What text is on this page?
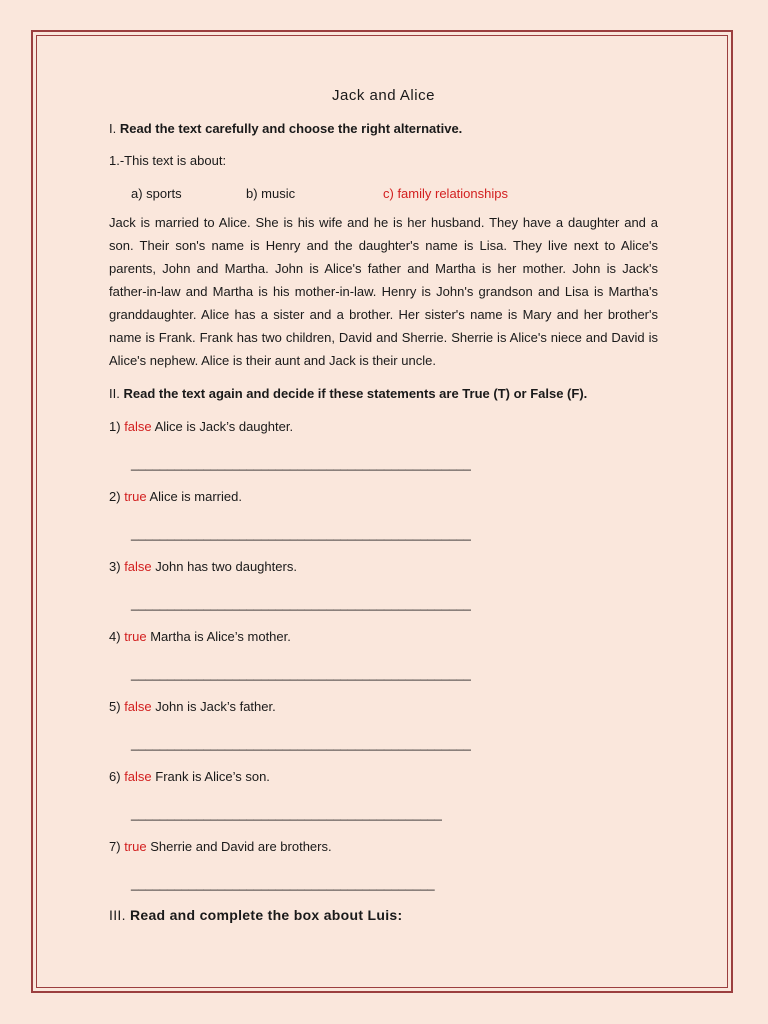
Jack and Alice
I. Read the text carefully and choose the right alternative.
1.-This text is about:
a) sports	b) music	c) family relationships
Jack is married to Alice. She is his wife and he is her husband. They have a daughter and a son. Their son's name is Henry and the daughter's name is Lisa. They live next to Alice's parents, John and Martha. John is Alice's father and Martha is her mother. John is Jack's father-in-law and Martha is his mother-in-law. Henry is John's grandson and Lisa is Martha's granddaughter. Alice has a sister and a brother. Her sister's name is Mary and her brother's name is Frank. Frank has two children, David and Sherrie. Sherrie is Alice's niece and David is Alice's nephew. Alice is their aunt and Jack is their uncle.
II. Read the text again and decide if these statements are True (T) or False (F).
1) false Alice is Jack’s daughter.
_______________________________________________
2) true Alice is married.
_______________________________________________
3) false John has two daughters.
_______________________________________________
4) true Martha is Alice’s mother.
_______________________________________________
5) false John is Jack’s father.
_______________________________________________
6) false Frank is Alice’s son.
___________________________________________
7) true Sherrie and David are brothers.
__________________________________________
III. Read and complete the box about Luis:
